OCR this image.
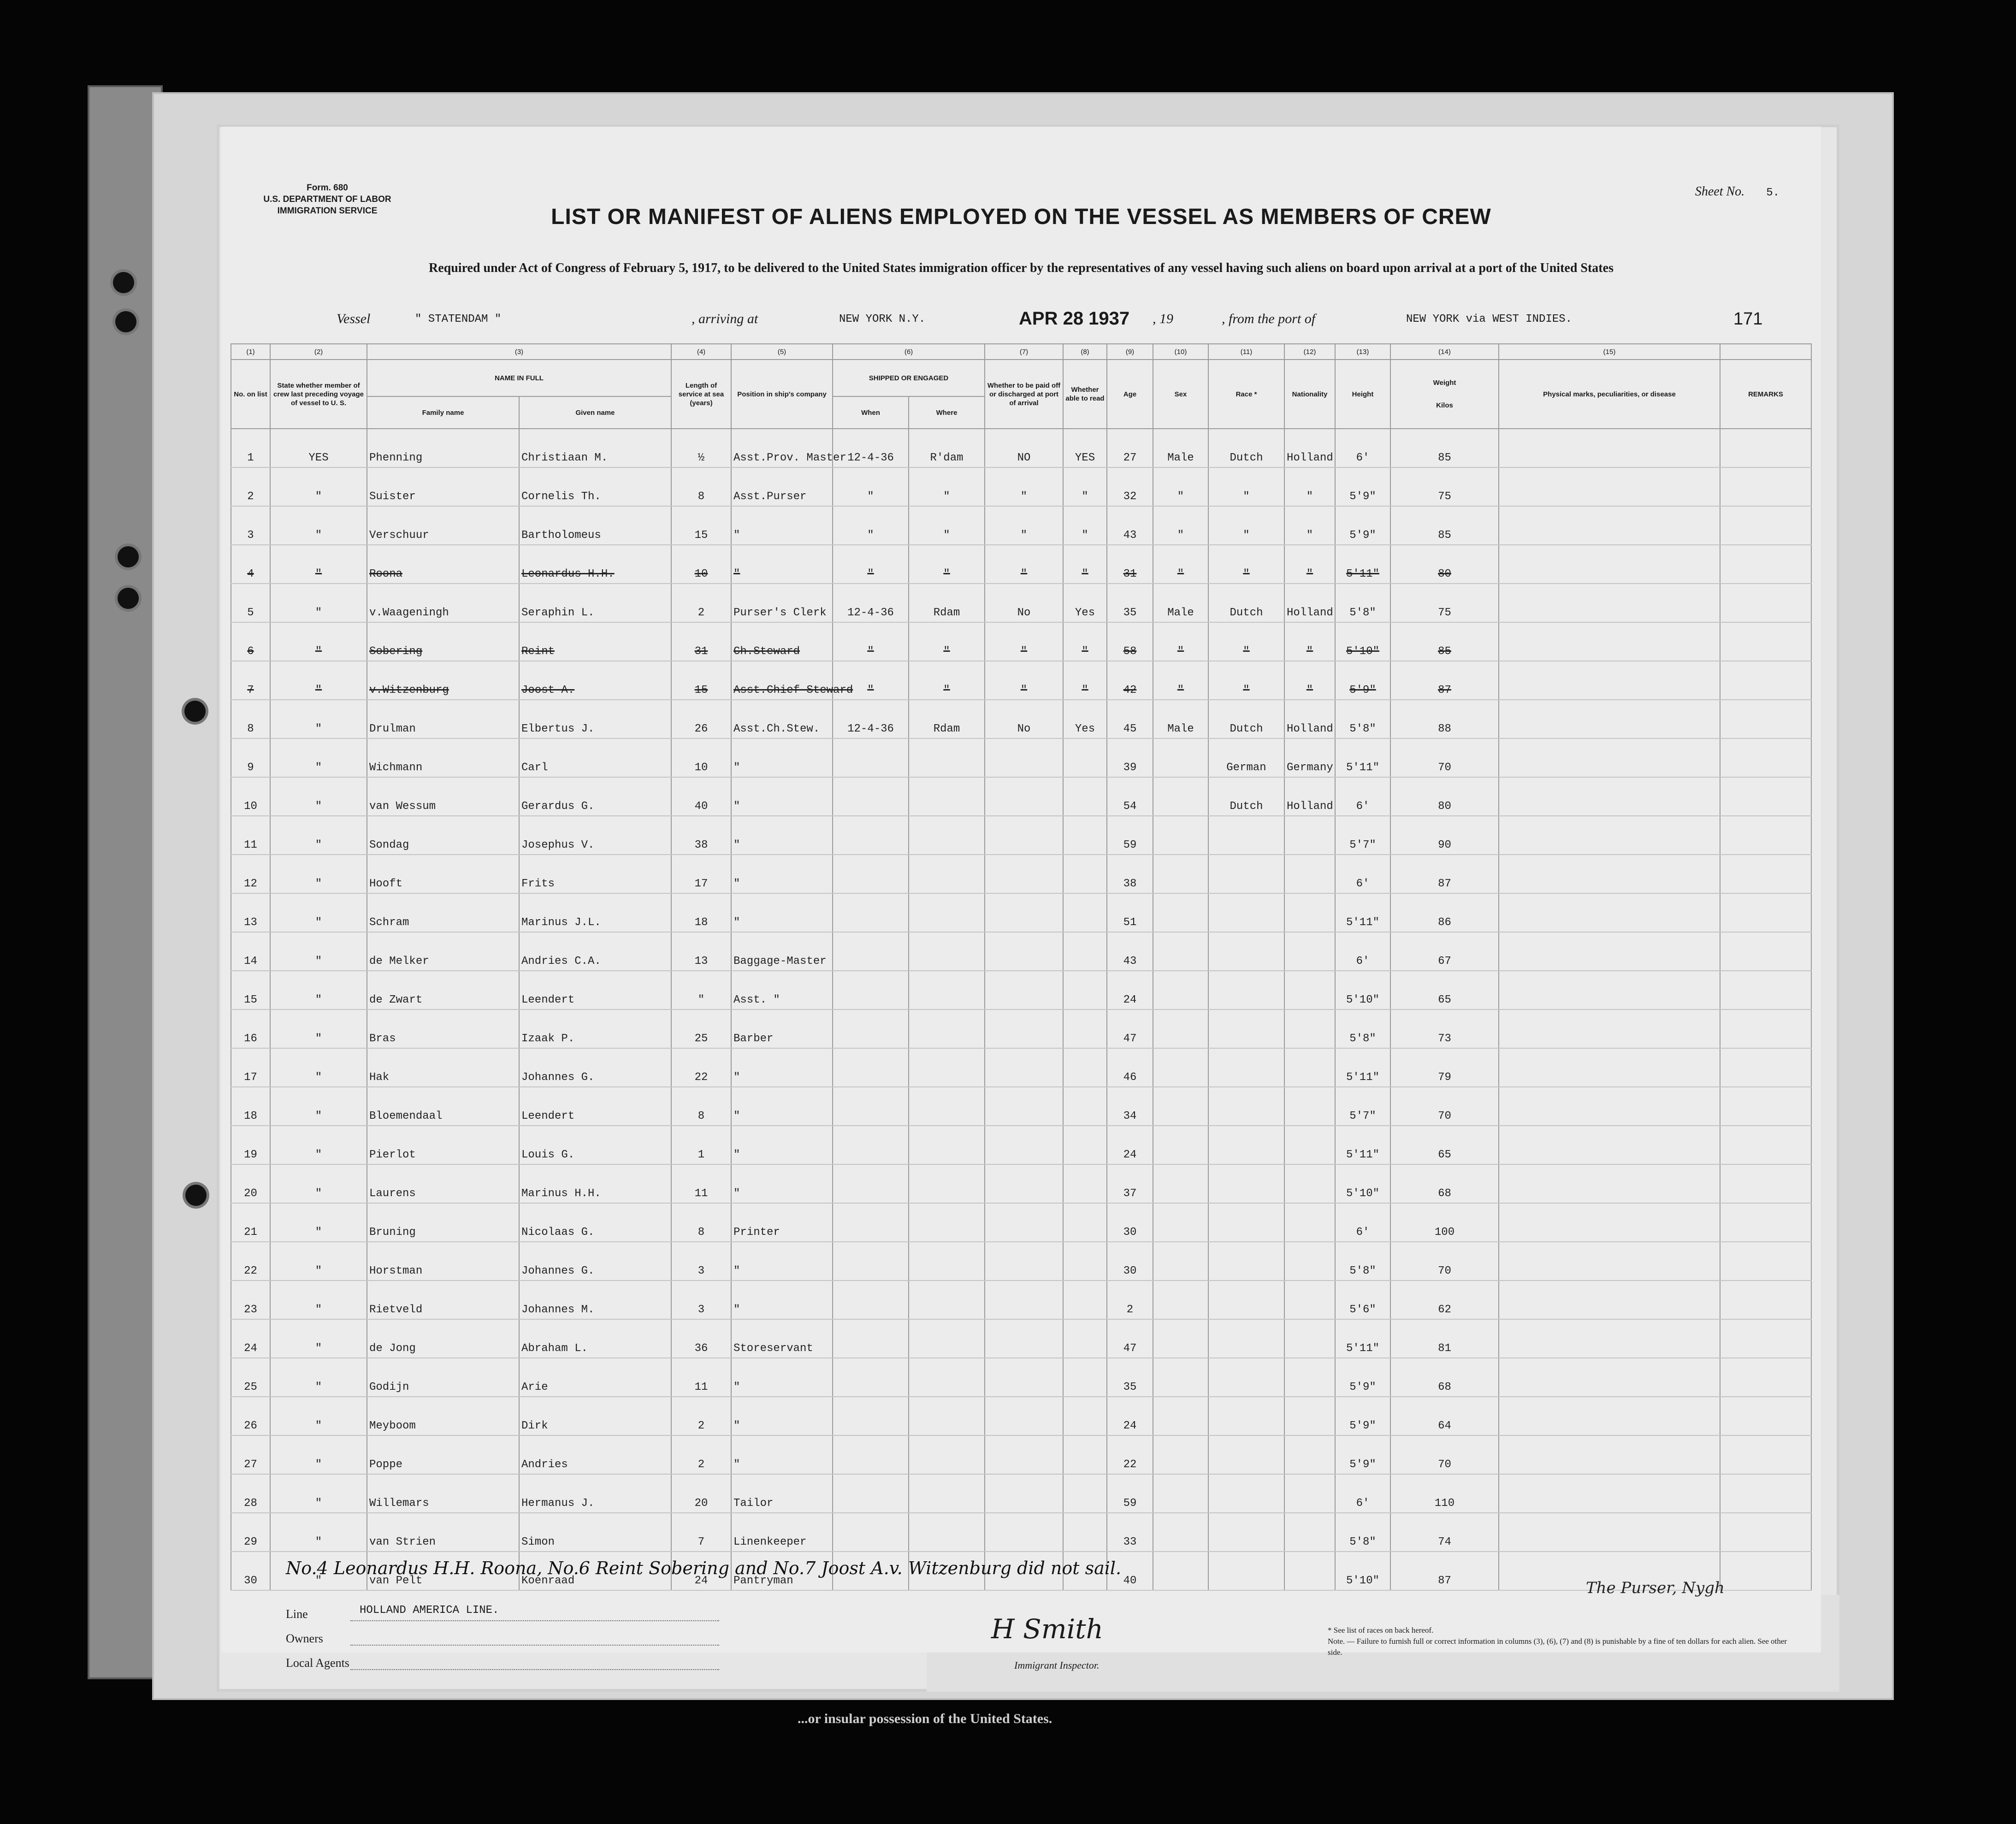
...or insular possession of the United States.
Form. 680
U.S. DEPARTMENT OF LABOR
IMMIGRATION SERVICE
Sheet No. 5.
LIST OR MANIFEST OF ALIENS EMPLOYED ON THE VESSEL AS MEMBERS OF CREW
Required under Act of Congress of February 5, 1917, to be delivered to the United States immigration officer by the representatives of any vessel having such aliens on board upon arrival at a port of the United States
Vessel	" STATENDAM "	, arriving at	NEW YORK N.Y.	APR 28 1937 , 19	, from the port of	NEW YORK via WEST INDIES.	171
(1)	(2)	(3)		(4)	(5)	(6)		(7)	(8)	(9)	(10)	(11)	(12)	(13)	(14)	(15)	
No. on list	State whether member of crew last preceding voyage of vessel to U. S.	NAME IN FULL		Length of service at sea (years)	Position in ship's company	SHIPPED OR ENGAGED		Whether to be paid off or discharged at port of arrival	Whether able to read	Age	Sex	Race *	Nationality	Height	Weight
Kilos	Physical marks, peculiarities, or disease	REMARKS
		Family name	Given name			When	Where										
1	YES	Phenning	Christiaan M.	½	Asst.Prov. Master	12-4-36	R'dam	NO	YES	27	Male	Dutch	Holland	6'	85		
2	"	Suister	Cornelis Th.	8	Asst.Purser	"	"	"	"	32	"	"	"	5'9"	75		
3	"	Verschuur	Bartholomeus	15	"	"	"	"	"	43	"	"	"	5'9"	85		
4	"	Roona	Leonardus H.H.	10	"	"	"	"	"	31	"	"	"	5'11"	80		
5	"	v.Waageningh	Seraphin L.	2	Purser's Clerk	12-4-36	Rdam	No	Yes	35	Male	Dutch	Holland	5'8"	75		
6	"	Sobering	Reint	31	Ch.Steward	"	"	"	"	58	"	"	"	5'10"	85		
7	"	v.Witzenburg	Joost A.	15	Asst.Chief Steward	"	"	"	"	42	"	"	"	5'9"	87		
8	"	Drulman	Elbertus J.	26	Asst.Ch.Stew.	12-4-36	Rdam	No	Yes	45	Male	Dutch	Holland	5'8"	88		
9	"	Wichmann	Carl	10	"					39		German	Germany	5'11"	70		
10	"	van Wessum	Gerardus G.	40	"					54		Dutch	Holland	6'	80		
11	"	Sondag	Josephus V.	38	"					59				5'7"	90		
12	"	Hooft	Frits	17	"					38				6'	87		
13	"	Schram	Marinus J.L.	18	"					51				5'11"	86		
14	"	de Melker	Andries C.A.	13	Baggage-Master					43				6'	67		
15	"	de Zwart	Leendert	"	Asst. "					24				5'10"	65		
16	"	Bras	Izaak P.	25	Barber					47				5'8"	73		
17	"	Hak	Johannes G.	22	"					46				5'11"	79		
18	"	Bloemendaal	Leendert	8	"					34				5'7"	70		
19	"	Pierlot	Louis G.	1	"					24				5'11"	65		
20	"	Laurens	Marinus H.H.	11	"					37				5'10"	68		
21	"	Bruning	Nicolaas G.	8	Printer					30				6'	100		
22	"	Horstman	Johannes G.	3	"					30				5'8"	70		
23	"	Rietveld	Johannes M.	3	"					2				5'6"	62		
24	"	de Jong	Abraham L.	36	Storeservant					47				5'11"	81		
25	"	Godijn	Arie	11	"					35				5'9"	68		
26	"	Meyboom	Dirk	2	"					24				5'9"	64		
27	"	Poppe	Andries	2	"					22				5'9"	70		
28	"	Willemars	Hermanus J.	20	Tailor					59				6'	110		
29	"	van Strien	Simon	7	Linenkeeper					33				5'8"	74		
30	"	van Pelt	Koenraad	24	Pantryman					40				5'10"	87		
No.4 Leonardus H.H. Roona, No.6 Reint Sobering and No.7 Joost A.v. Witzenburg did not sail.
The Purser, Nygh
Line	HOLLAND AMERICA LINE.
Owners
Local Agents
H Smith
Immigrant Inspector.
* See list of races on back hereof.
Note. — Failure to furnish full or correct information in columns (3), (6), (7) and (8) is punishable by a fine of ten dollars for each alien. See other side.
